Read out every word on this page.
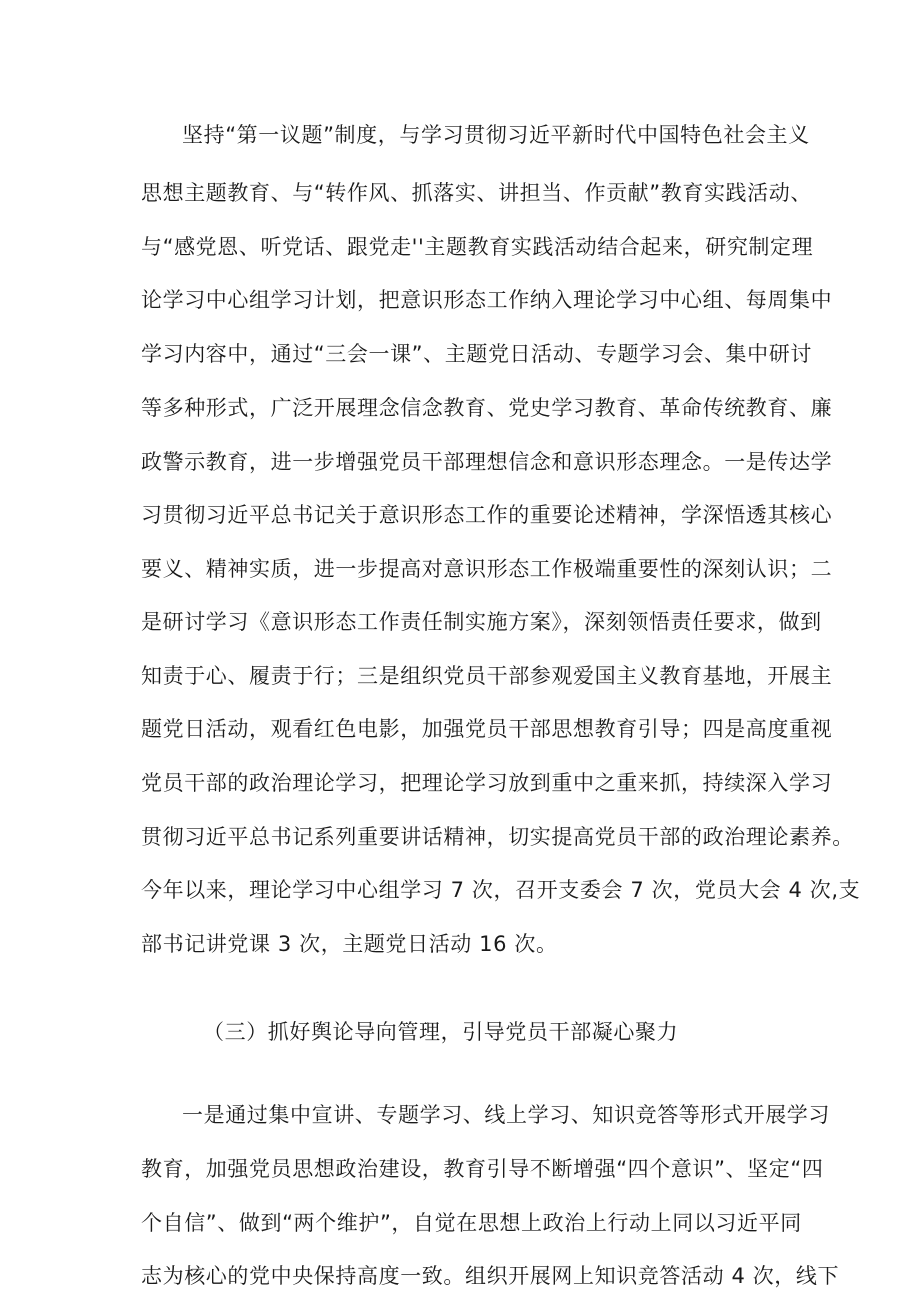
坚持“第一议题”制度，与学习贯彻习近平新时代中国特色社会主义
思想主题教育、与“转作风、抓落实、讲担当、作贡献”教育实践活动、
与“感党恩、听党话、跟党走''主题教育实践活动结合起来，研究制定理
论学习中心组学习计划，把意识形态工作纳入理论学习中心组、每周集中
学习内容中，通过“三会一课”、主题党日活动、专题学习会、集中研讨
等多种形式，广泛开展理念信念教育、党史学习教育、革命传统教育、廉
政警示教育，进一步增强党员干部理想信念和意识形态理念。一是传达学
习贯彻习近平总书记关于意识形态工作的重要论述精神，学深悟透其核心
要义、精神实质，进一步提高对意识形态工作极端重要性的深刻认识；二
是研讨学习《意识形态工作责任制实施方案》，深刻领悟责任要求，做到
知责于心、履责于行；三是组织党员干部参观爱国主义教育基地，开展主
题党日活动，观看红色电影，加强党员干部思想教育引导；四是高度重视
党员干部的政治理论学习，把理论学习放到重中之重来抓，持续深入学习
贯彻习近平总书记系列重要讲话精神，切实提高党员干部的政治理论素养。
今年以来，理论学习中心组学习 7 次，召开支委会 7 次，党员大会 4 次,支
部书记讲党课 3 次，主题党日活动 16 次。
（三）抓好舆论导向管理，引导党员干部凝心聚力
一是通过集中宣讲、专题学习、线上学习、知识竞答等形式开展学习
教育，加强党员思想政治建设，教育引导不断增强“四个意识”、坚定“四
个自信”、做到“两个维护”，自觉在思想上政治上行动上同以习近平同
志为核心的党中央保持高度一致。组织开展网上知识竞答活动 4 次，线下
